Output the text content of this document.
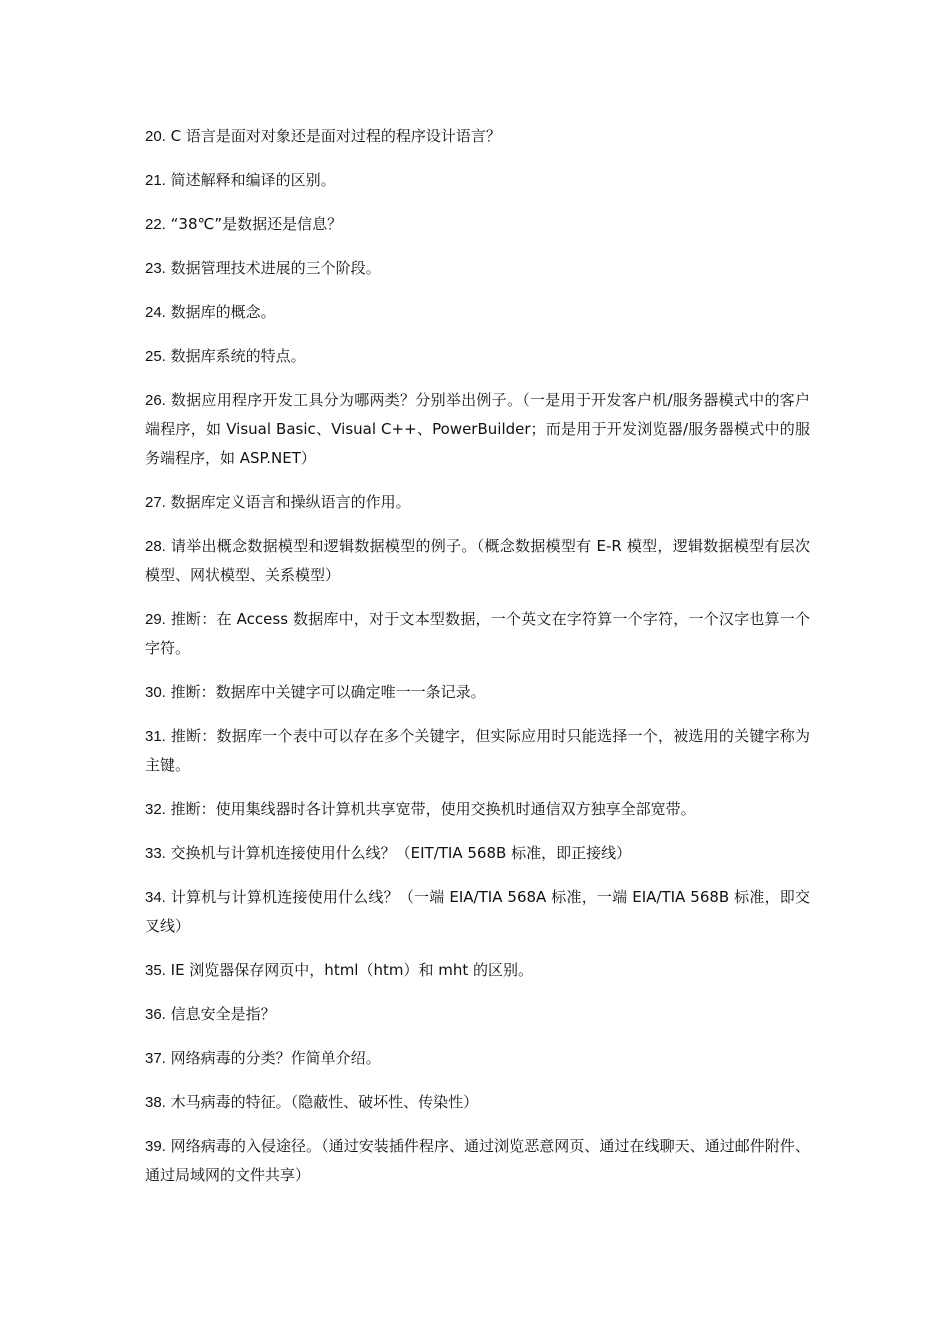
20. C 语言是面对对象还是面对过程的程序设计语言？

21. 简述解释和编译的区别。

22. “38℃”是数据还是信息？

23. 数据管理技术进展的三个阶段。

24. 数据库的概念。

25. 数据库系统的特点。

26. 数据应用程序开发工具分为哪两类？分别举出例子。（一是用于开发客户机/服务器模式中的客户端程序，如 Visual Basic、Visual C++、PowerBuilder；而是用于开发浏览器/服务器模式中的服务端程序，如 ASP.NET）

27. 数据库定义语言和操纵语言的作用。

28. 请举出概念数据模型和逻辑数据模型的例子。（概念数据模型有 E-R 模型，逻辑数据模型有层次模型、网状模型、关系模型）

29. 推断：在 Access 数据库中，对于文本型数据，一个英文在字符算一个字符，一个汉字也算一个字符。

30. 推断：数据库中关键字可以确定唯一一条记录。

31. 推断：数据库一个表中可以存在多个关键字，但实际应用时只能选择一个，被选用的关键字称为主键。

32. 推断：使用集线器时各计算机共享宽带，使用交换机时通信双方独享全部宽带。

33. 交换机与计算机连接使用什么线？（EIT/TIA 568B 标准，即正接线）

34. 计算机与计算机连接使用什么线？（一端 EIA/TIA 568A 标准，一端 EIA/TIA 568B 标准，即交叉线）

35. IE 浏览器保存网页中，html（htm）和 mht 的区别。

36. 信息安全是指？

37. 网络病毒的分类？作简单介绍。

38. 木马病毒的特征。（隐蔽性、破坏性、传染性）

39. 网络病毒的入侵途径。（通过安装插件程序、通过浏览恶意网页、通过在线聊天、通过邮件附件、通过局域网的文件共享）
